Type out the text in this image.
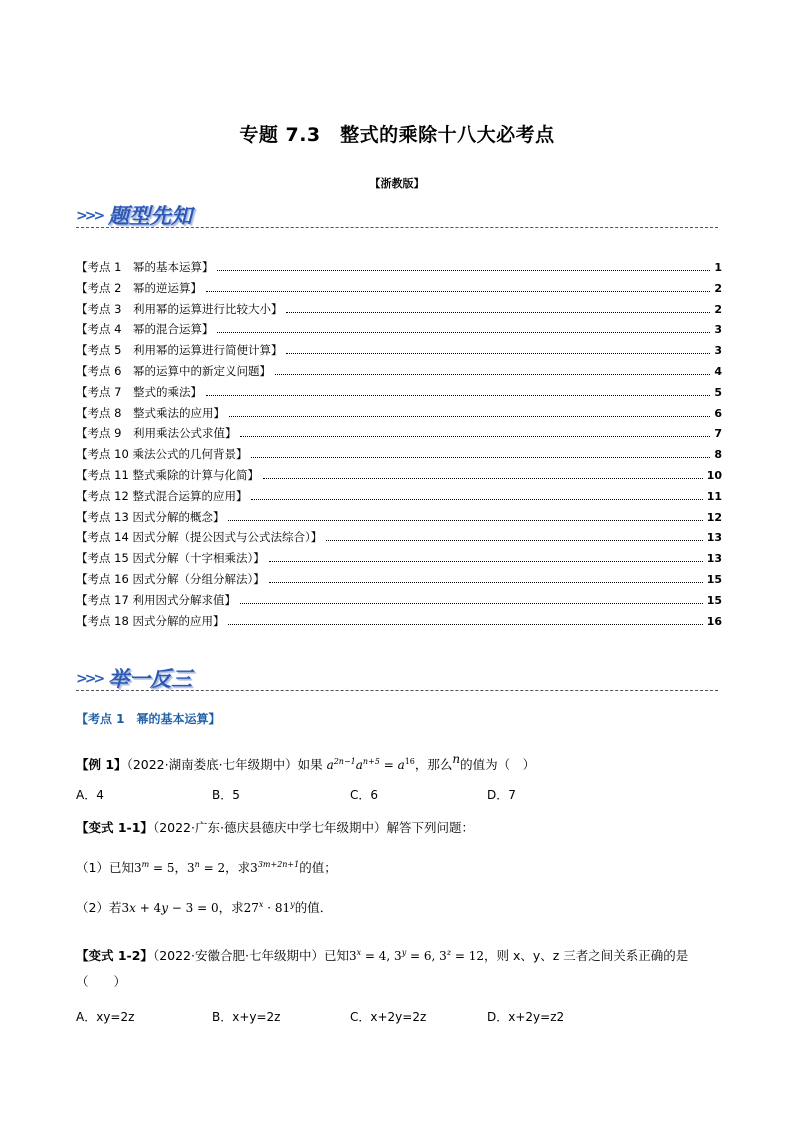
专题 7.3　整式的乘除十八大必考点
【浙教版】
>>> 题型先知
【考点 1　幂的基本运算】	1
【考点 2　幂的逆运算】	2
【考点 3　利用幂的运算进行比较大小】	2
【考点 4　幂的混合运算】	3
【考点 5　利用幂的运算进行简便计算】	3
【考点 6　幂的运算中的新定义问题】	4
【考点 7　整式的乘法】	5
【考点 8　整式乘法的应用】	6
【考点 9　利用乘法公式求值】	7
【考点 10 乘法公式的几何背景】	8
【考点 11 整式乘除的计算与化简】	10
【考点 12 整式混合运算的应用】	11
【考点 13 因式分解的概念】	12
【考点 14 因式分解（提公因式与公式法综合）】	13
【考点 15 因式分解（十字相乘法）】	13
【考点 16 因式分解（分组分解法）】	15
【考点 17 利用因式分解求值】	15
【考点 18 因式分解的应用】	16
>>> 举一反三
【考点 1　幂的基本运算】
【例 1】（2022·湖南娄底·七年级期中）如果 $a^{2n-1}a^{n+5} = a^{16}$，那么n的值为（　）
A．4	B．5	C．6	D．7
【变式 1-1】（2022·广东·德庆县德庆中学七年级期中）解答下列问题：
（1）已知$3^m = 5$，$3^n = 2$，求$3^{3m+2n+1}$的值；
（2）若3x + 4y − 3 = 0，求$27^x \cdot 81^y$的值．
【变式 1-2】（2022·安徽合肥·七年级期中）已知$3^x = 4$, $3^y = 6$, $3^z = 12$，则 x、y、z 三者之间关系正确的是
（　　）
A．xy=2z	B．x+y=2z	C．x+2y=2z	D．x+2y=z2
